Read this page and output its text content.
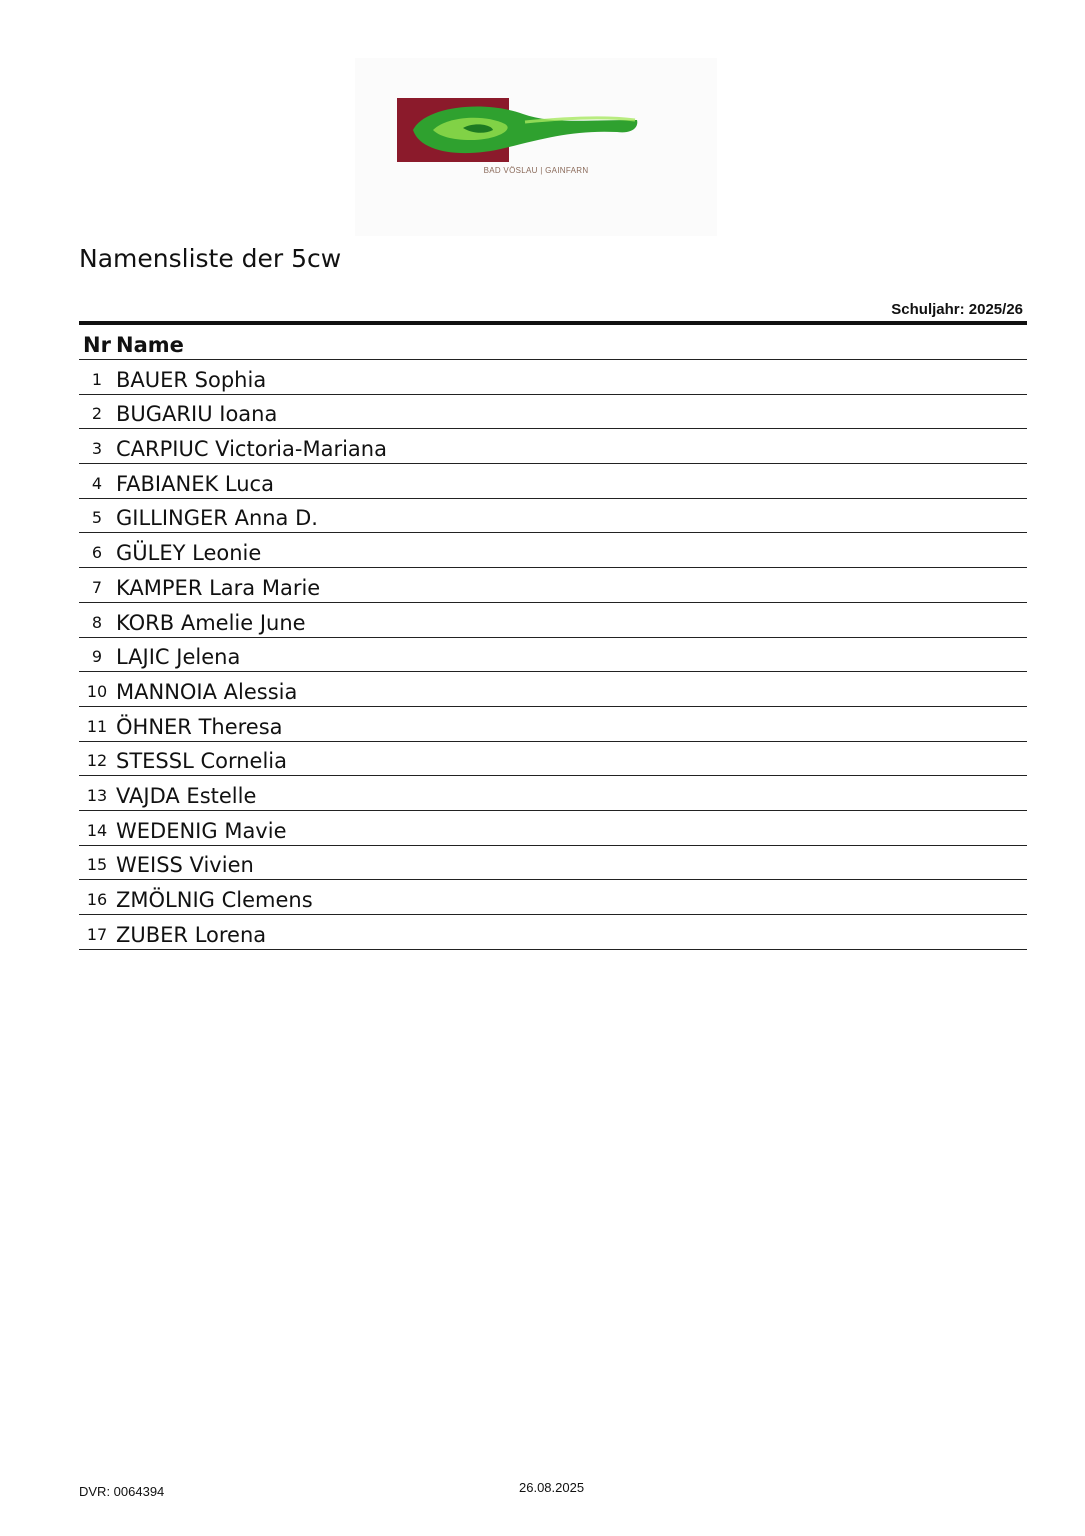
BAD VÖSLAU | GAINFARN
Namensliste der 5cw
Schuljahr: 2025/26
Nr Name
1 BAUER Sophia
2 BUGARIU Ioana
3 CARPIUC Victoria-Mariana
4 FABIANEK Luca
5 GILLINGER Anna D.
6 GÜLEY Leonie
7 KAMPER Lara Marie
8 KORB Amelie June
9 LAJIC Jelena
10 MANNOIA Alessia
11 ÖHNER Theresa
12 STESSL Cornelia
13 VAJDA Estelle
14 WEDENIG Mavie
15 WEISS Vivien
16 ZMÖLNIG Clemens
17 ZUBER Lorena
DVR: 0064394	26.08.2025
